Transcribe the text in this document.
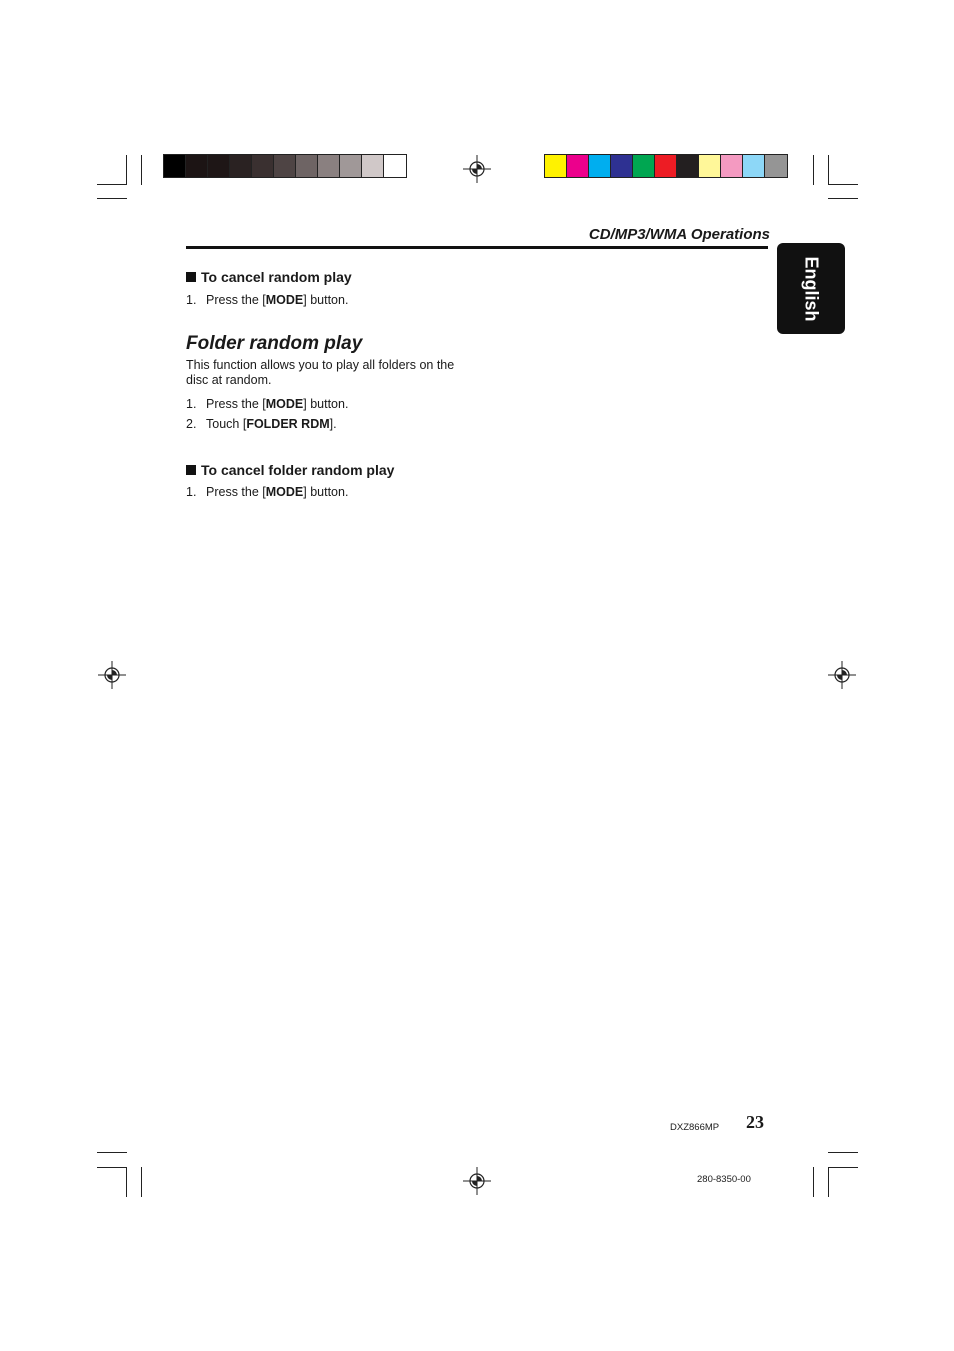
CD/MP3/WMA Operations
English
To cancel random play
1. Press the [MODE] button.
Folder random play
This function allows you to play all folders on the disc at random.
1. Press the [MODE] button.
2. Touch [FOLDER RDM].
To cancel folder random play
1. Press the [MODE] button.
DXZ866MP 23
280-8350-00
